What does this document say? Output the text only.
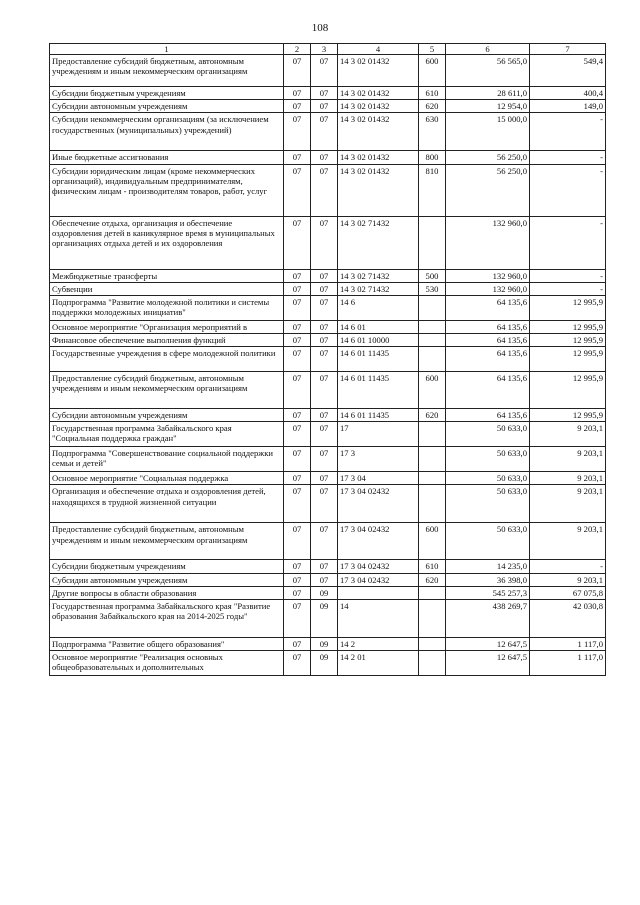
108
1	2	3	4	5	6	7
Предоставление субсидий бюджетным, автономным учреждениям и иным некоммерческим организациям	07	07	14 3 02 01432	600	56 565,0	549,4
Субсидии бюджетным учреждениям	07	07	14 3 02 01432	610	28 611,0	400,4
Субсидии автономным учреждениям	07	07	14 3 02 01432	620	12 954,0	149,0
Субсидии некоммерческим организациям (за исключением государственных (муниципальных) учреждений)	07	07	14 3 02 01432	630	15 000,0	-
Иные бюджетные ассигнования	07	07	14 3 02 01432	800	56 250,0	-
Субсидии юридическим лицам (кроме некоммерческих организаций), индивидуальным предпринимателям, физическим лицам - производителям товаров, работ, услуг	07	07	14 3 02 01432	810	56 250,0	-
Обеспечение отдыха, организация и обеспечение оздоровления детей в каникулярное время в муниципальных организациях отдыха детей и их оздоровления	07	07	14 3 02 71432		132 960,0	-
Межбюджетные трансферты	07	07	14 3 02 71432	500	132 960,0	-
Субвенции	07	07	14 3 02 71432	530	132 960,0	-
Подпрограмма "Развитие молодежной политики и системы поддержки молодежных инициатив"	07	07	14 6		64 135,6	12 995,9
Основное мероприятие "Организация мероприятий в	07	07	14 6 01		64 135,6	12 995,9
Финансовое обеспечение выполнения функций	07	07	14 6 01 10000		64 135,6	12 995,9
Государственные учреждения в сфере молодежной политики	07	07	14 6 01 11435		64 135,6	12 995,9
Предоставление субсидий бюджетным, автономным учреждениям и иным некоммерческим организациям	07	07	14 6 01 11435	600	64 135,6	12 995,9
Субсидии автономным учреждениям	07	07	14 6 01 11435	620	64 135,6	12 995,9
Государственная программа Забайкальского края "Социальная поддержка граждан"	07	07	17		50 633,0	9 203,1
Подпрограмма "Совершенствование социальной поддержки семьи и детей"	07	07	17 3		50 633,0	9 203,1
Основное мероприятие "Социальная поддержка	07	07	17 3 04		50 633,0	9 203,1
Организация и обеспечение отдыха и оздоровления детей, находящихся в трудной жизненной ситуации	07	07	17 3 04 02432		50 633,0	9 203,1
Предоставление субсидий бюджетным, автономным учреждениям и иным некоммерческим организациям	07	07	17 3 04 02432	600	50 633,0	9 203,1
Субсидии бюджетным учреждениям	07	07	17 3 04 02432	610	14 235,0	-
Субсидии автономным учреждениям	07	07	17 3 04 02432	620	36 398,0	9 203,1
Другие вопросы в области образования	07	09			545 257,3	67 075,8
Государственная программа Забайкальского края "Развитие образования Забайкальского края на 2014-2025 годы"	07	09	14		438 269,7	42 030,8
Подпрограмма "Развитие общего образования"	07	09	14 2		12 647,5	1 117,0
Основное мероприятие "Реализация основных общеобразовательных и дополнительных	07	09	14 2 01		12 647,5	1 117,0
